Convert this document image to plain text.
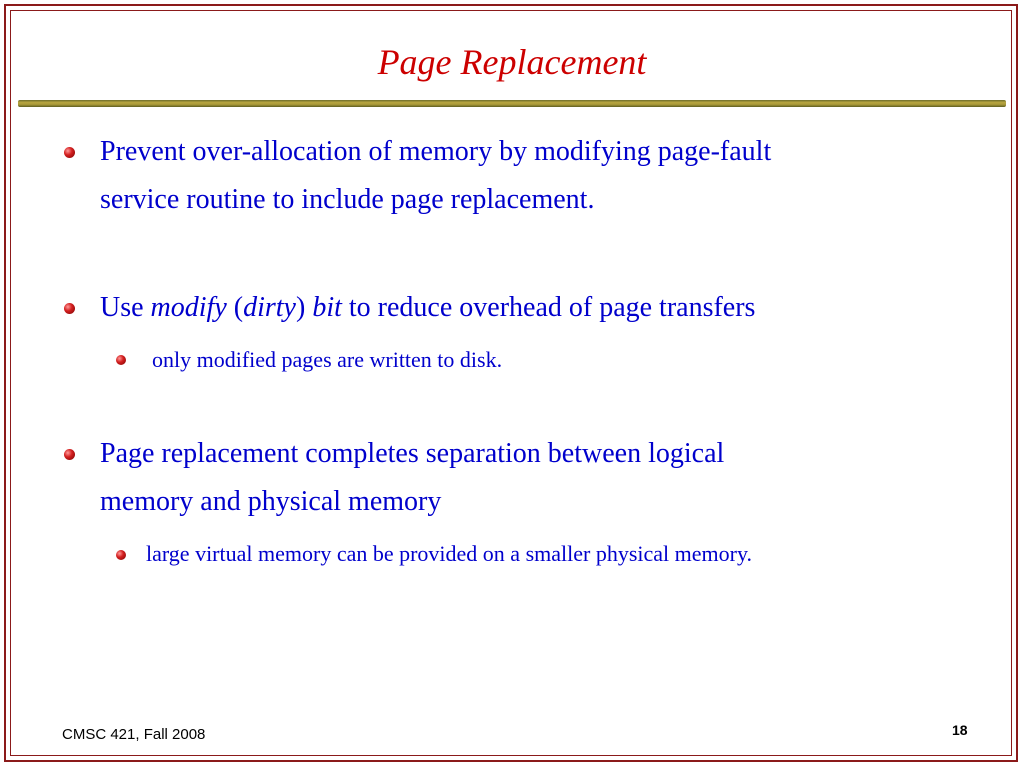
Page Replacement
Prevent over-allocation of memory by modifying page-fault
service routine to include page replacement.
Use modify (dirty) bit to reduce overhead of page transfers
only modified pages are written to disk.
Page replacement completes separation between logical
memory and physical memory
large virtual memory can be provided on a smaller physical memory.
CMSC 421, Fall 2008	18
